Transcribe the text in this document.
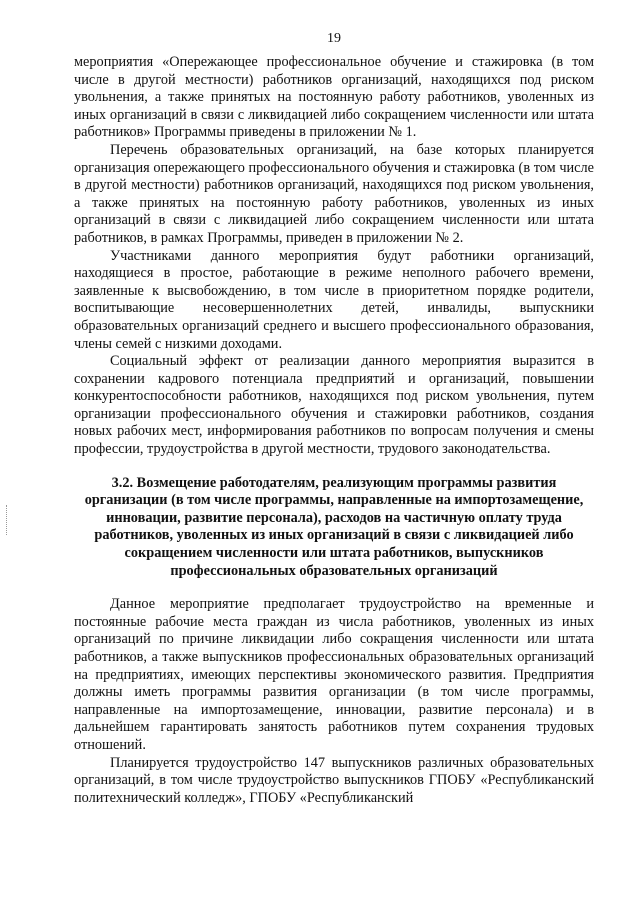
19

мероприятия «Опережающее профессиональное обучение и стажировка (в том числе в другой местности) работников организаций, находящихся под риском увольнения, а также принятых на постоянную работу работников, уволенных из иных организаций в связи с ликвидацией либо сокращением численности или штата работников» Программы приведены в приложении № 1.

Перечень образовательных организаций, на базе которых планируется организация опережающего профессионального обучения и стажировка (в том числе в другой местности) работников организаций, находящихся под риском увольнения, а также принятых на постоянную работу работников, уволенных из иных организаций в связи с ликвидацией либо сокращением численности или штата работников, в рамках Программы, приведен в приложении № 2.

Участниками данного мероприятия будут работники организаций, находящиеся в простое, работающие в режиме неполного рабочего времени, заявленные к высвобождению, в том числе в приоритетном порядке родители, воспитывающие несовершеннолетних детей, инвалиды, выпускники образовательных организаций среднего и высшего профессионального образования, члены семей с низкими доходами.

Социальный эффект от реализации данного мероприятия выразится в сохранении кадрового потенциала предприятий и организаций, повышении конкурентоспособности работников, находящихся под риском увольнения, путем организации профессионального обучения и стажировки работников, создания новых рабочих мест, информирования работников по вопросам получения и смены профессии, трудоустройства в другой местности, трудового законодательства.

3.2. Возмещение работодателям, реализующим программы развития организации (в том числе программы, направленные на импортозамещение, инновации, развитие персонала), расходов на частичную оплату труда работников, уволенных из иных организаций в связи с ликвидацией либо сокращением численности или штата работников, выпускников профессиональных образовательных организаций

Данное мероприятие предполагает трудоустройство на временные и постоянные рабочие места граждан из числа работников, уволенных из иных организаций по причине ликвидации либо сокращения численности или штата работников, а также выпускников профессиональных образовательных организаций на предприятиях, имеющих перспективы экономического развития. Предприятия должны иметь программы развития организации (в том числе программы, направленные на импортозамещение, инновации, развитие персонала) и в дальнейшем гарантировать занятость работников путем сохранения трудовых отношений.

Планируется трудоустройство 147 выпускников различных образовательных организаций, в том числе трудоустройство выпускников ГПОБУ «Республиканский политехнический колледж», ГПОБУ «Республиканский
